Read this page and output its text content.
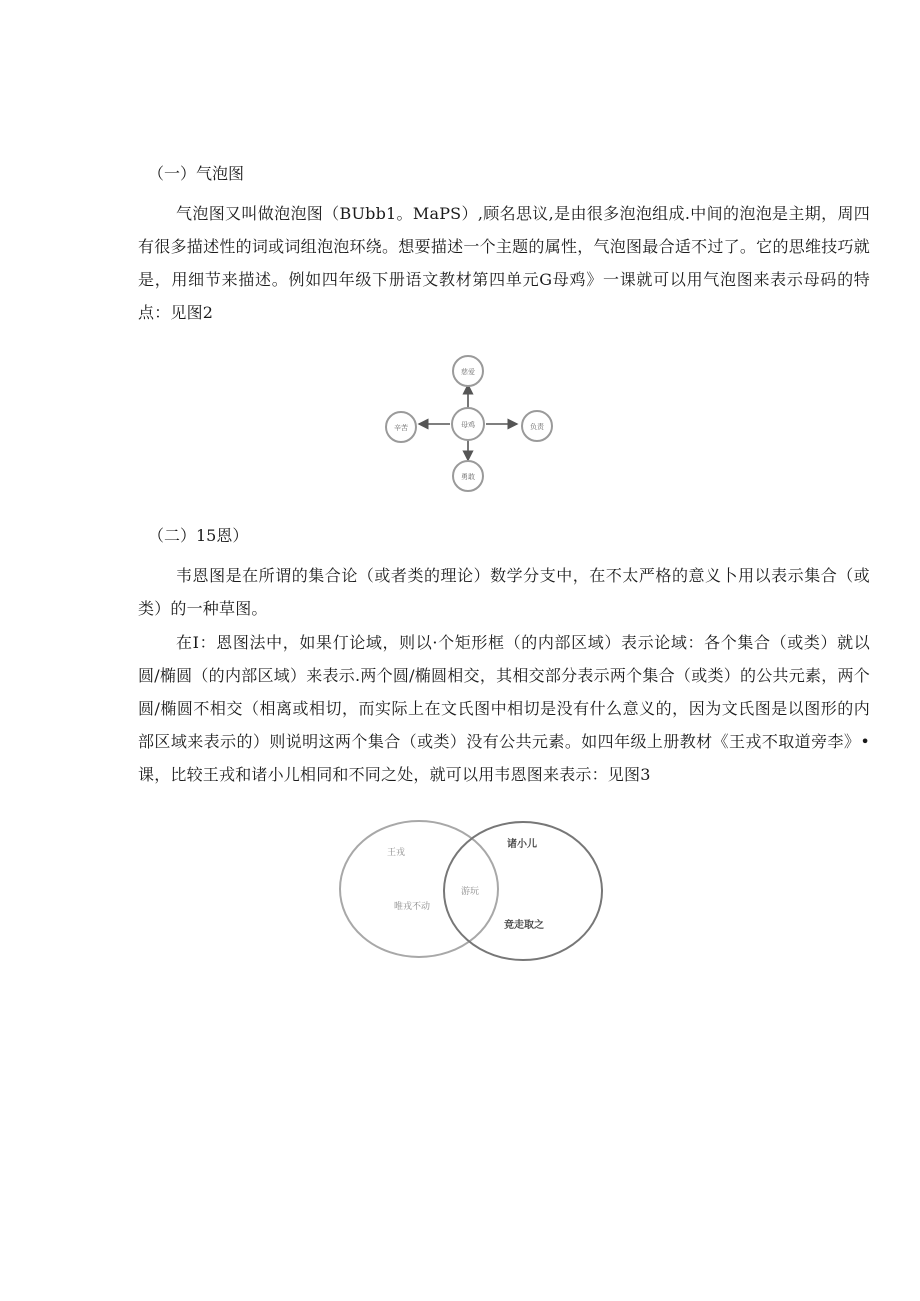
（一）气泡图
气泡图又叫做泡泡图（BUbb1。MaPS）,顾名思议,是由很多泡泡组成.中间的泡泡是主期，周四有很多描述性的词或词组泡泡环绕。想要描述一个主题的属性，气泡图最合适不过了。它的思维技巧就是，用细节来描述。例如四年级下册语文教材第四单元G母鸡》一课就可以用气泡图来表示母码的特点：见图2
慈爱
母鸡
辛苦	负责
勇敢
（二）15恩）
韦恩图是在所谓的集合论（或者类的理论）数学分支中，在不太严格的意义卜用以表示集合（或类）的一种草图。
在I：恩图法中，如果仃论域，则以·个矩形框（的内部区域）表示论域：各个集合（或类）就以圆/椭圆（的内部区域）来表示.两个圆/椭圆相交，其相交部分表示两个集合（或类）的公共元素，两个圆/椭圆不相交（相离或相切，而实际上在文氏图中相切是没有什么意义的，因为文氏图是以图形的内部区域来表示的）则说明这两个集合（或类）没有公共元素。如四年级上册教材《王戎不取道旁李》•课，比较王戎和诸小儿相同和不同之处，就可以用韦恩图来表示：见图3
王戎
唯戎不动
游玩
诸小儿
竞走取之
